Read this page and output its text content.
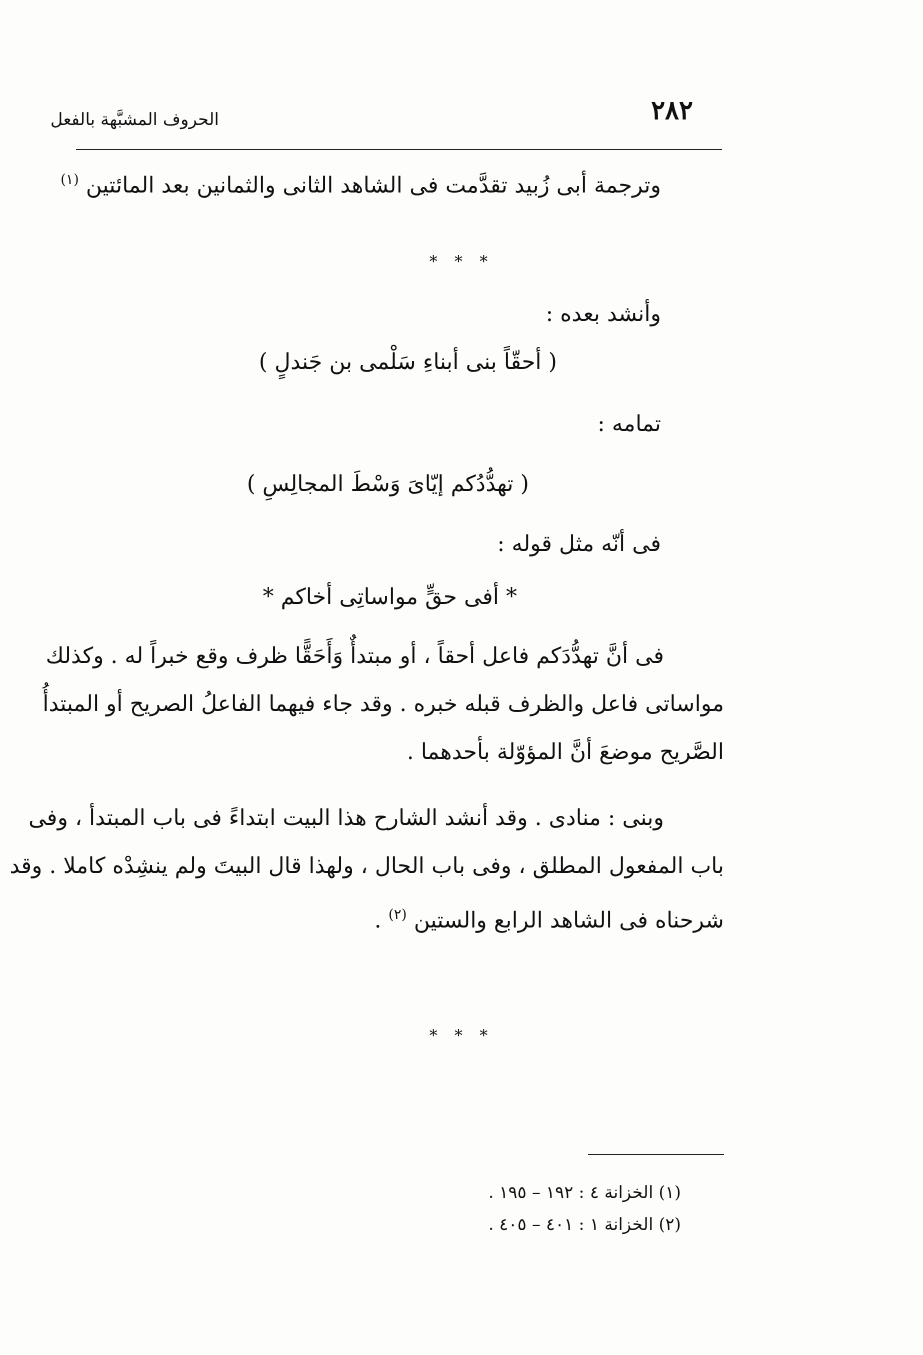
الحروف المشبَّهة بالفعل	٢٨٢
وترجمة أبى زُبيد تقدَّمت فى الشاهد الثانى والثمانين بعد المائتين $^{(١)}$
* * *
وأنشد بعده :
( أحقّاً بنى أبناءِ سَلْمى بن جَندلٍ )
تمامه :
( تهدُّدُكم إيّاىَ وَسْطَ المجالِسِ )
فى أنّه مثل قوله :
* أفى حقٍّ مواساتِى أخاكم *
فى أنَّ تهدُّدَكم فاعل أحقاً ، أو مبتدأٌ وَأَحَقًّا ظرف وقع خبراً له . وكذلك
مواساتى فاعل والظرف قبله خبره . وقد جاء فيهما الفاعلُ الصريح أو المبتدأُ
الصَّريح موضعَ أنَّ المؤوّلة بأحدهما .
وبنى : منادى . وقد أنشد الشارح هذا البيت ابتداءً فى باب المبتدأ ، وفى
باب المفعول المطلق ، وفى باب الحال ، ولهذا قال البيتَ ولم ينشِدْه كاملا . وقد
شرحناه فى الشاهد الرابع والستين $^{(٢)}$ .
* * *
(١) الخزانة ٤ : ١٩٢ – ١٩٥ .
(٢) الخزانة ١ : ٤٠١ – ٤٠٥ .
